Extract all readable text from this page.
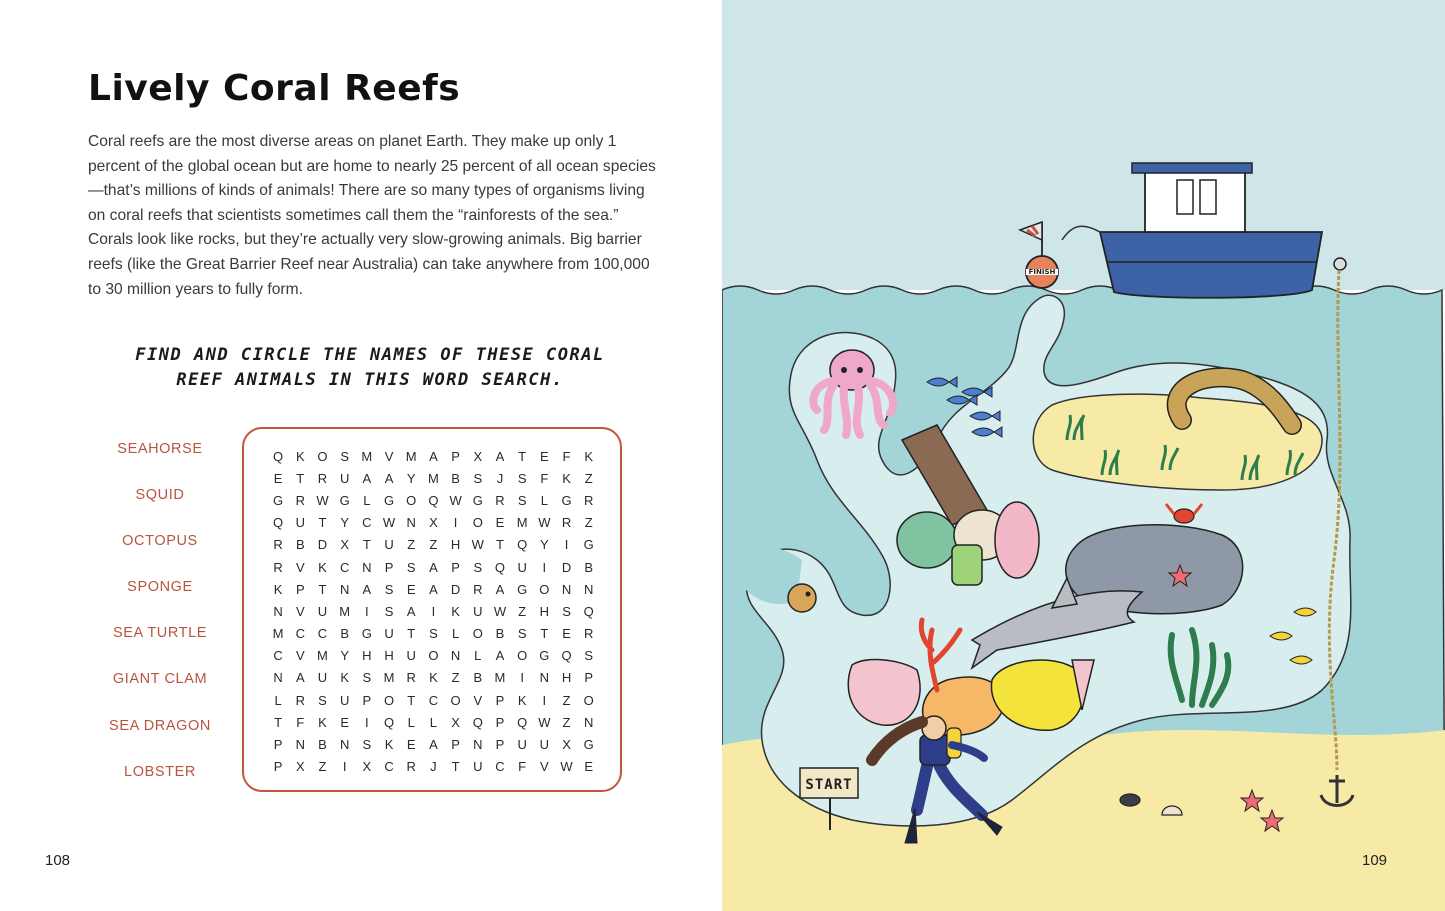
Lively Coral Reefs

Coral reefs are the most diverse areas on planet Earth. They make up only 1 percent of the global ocean but are home to nearly 25 percent of all ocean species—that’s millions of kinds of animals! There are so many types of organisms living on coral reefs that scientists sometimes call them the “rainforests of the sea.” Corals look like rocks, but they’re actually very slow-growing animals. Big barrier reefs (like the Great Barrier Reef near Australia) can take anywhere from 100,000 to 30 million years to fully form.

FIND AND CIRCLE THE NAMES OF THESE CORAL
REEF ANIMALS IN THIS WORD SEARCH.
SEAHORSE
SQUID
OCTOPUS
SPONGE
SEA TURTLE
GIANT CLAM
SEA DRAGON
LOBSTER
Q K O S M V M A	P	X	A	T	E	F	K
E	T	R U	A	A	Y M B	S	J	S	F	K	Z
G R W G	L	G O Q W G R	S	L	G R
Q U	T	Y	C W N	X	I	O E M W R	Z
R	B	D	X	T	U	Z	Z	H W T	Q Y	I	G
R	V	K	C N	P	S	A	P	S Q U	I	D	B
K	P	T	N	A	S	E	A	D R	A G O N N
N	V	U M	I	S	A	I	K	U W Z	H	S Q
M C C	B G U	T	S	L	O B	S	T	E	R
C	V M Y	H H U O N	L	A O G Q S
N	A	U	K	S M R	K	Z	B M	I	N H	P
L	R	S	U	P O	T	C O V	P	K	I	Z	O
T	F	K	E	I	Q	L	L	X Q P Q W Z	N
P	N	B	N	S	K	E	A	P	N	P	U U	X G
P	X	Z	I	X	C R	J	T	U C	F	V W E
108
FINISH
START

109
